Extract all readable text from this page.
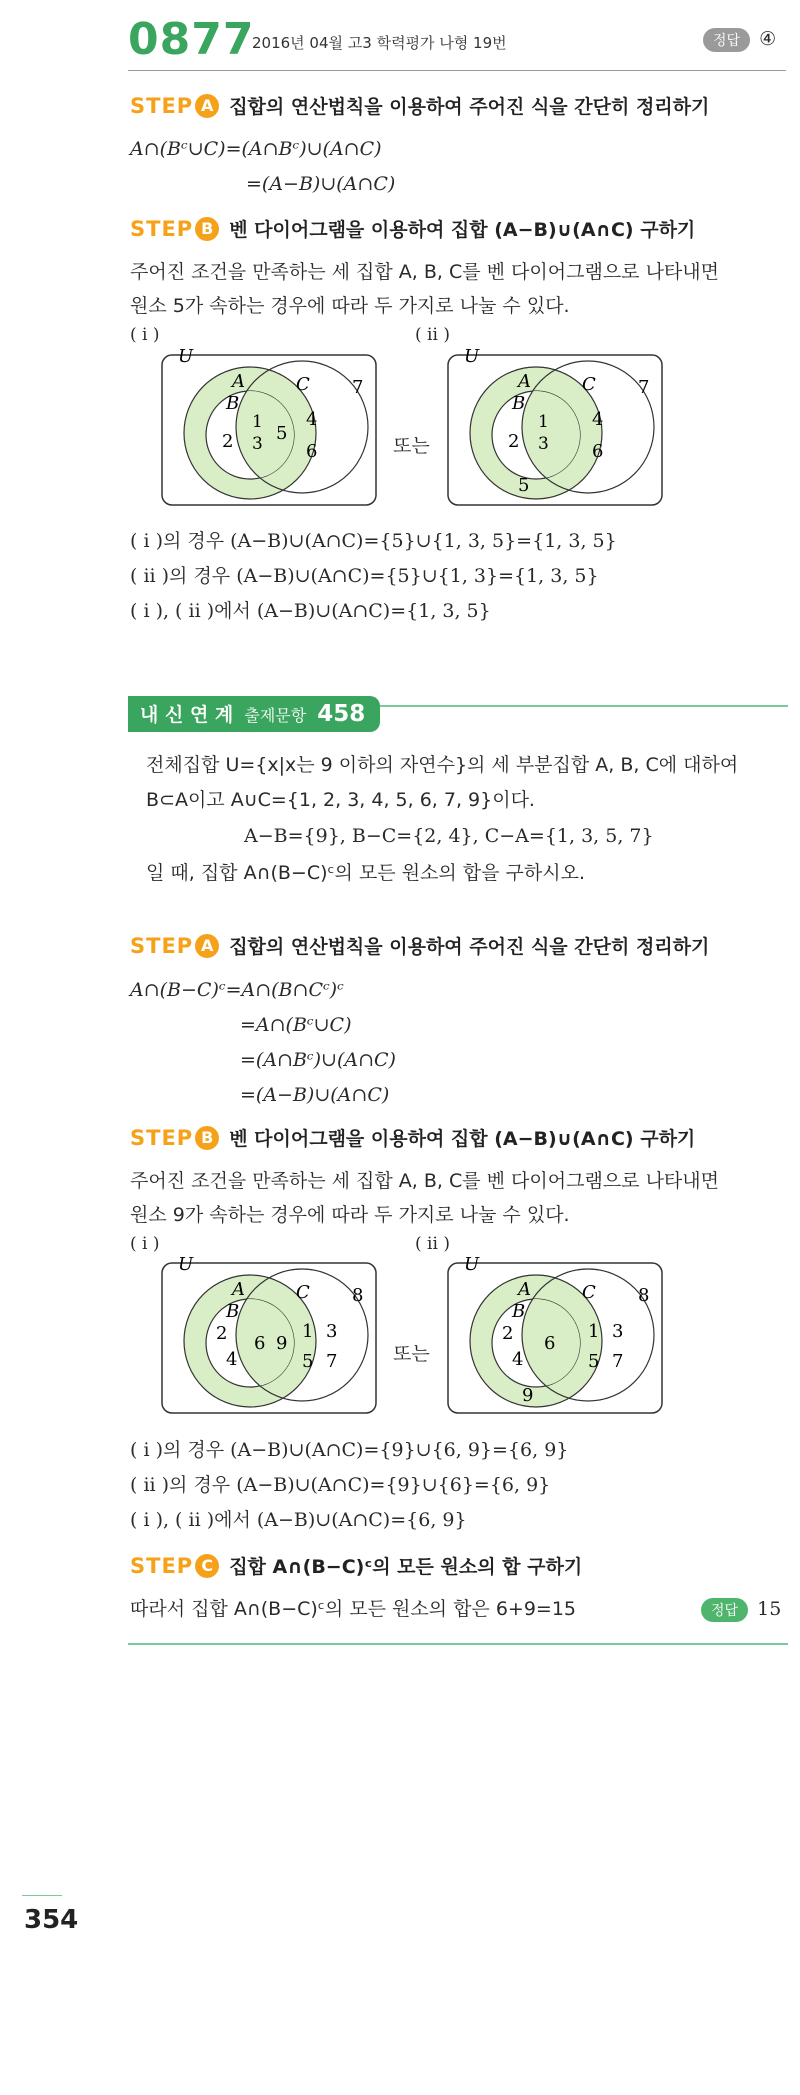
0877
2016년 04월 고3 학력평가 나형 19번	정답 ④
STEP A 집합의 연산법칙을 이용하여 주어진 식을 간단히 정리하기
A∩(Bᶜ∪C)=(A∩Bᶜ)∪(A∩C)
=(A−B)∪(A∩C)
STEP B 벤 다이어그램을 이용하여 집합 (A−B)∪(A∩C) 구하기
주어진 조건을 만족하는 세 집합 A, B, C를 벤 다이어그램으로 나타내면
원소 5가 속하는 경우에 따라 두 가지로 나눌 수 있다.
( i )	( ii )
U
A
B
C 7
2
1
3 5
4
6	또는
U
A
B
C 7
2
1
3
5
4
6
( i )의 경우 (A−B)∪(A∩C)={5}∪{1, 3, 5}={1, 3, 5}
( ii )의 경우 (A−B)∪(A∩C)={5}∪{1, 3}={1, 3, 5}
( i ), ( ii )에서 (A−B)∪(A∩C)={1, 3, 5}
내 신 연 계 출제문항 458
전체집합 U={x|x는 9 이하의 자연수}의 세 부분집합 A, B, C에 대하여
B⊂A이고 A∪C={1, 2, 3, 4, 5, 6, 7, 9}이다.
A−B={9}, B−C={2, 4}, C−A={1, 3, 5, 7}
일 때, 집합 A∩(B−C)ᶜ의 모든 원소의 합을 구하시오.
STEP A 집합의 연산법칙을 이용하여 주어진 식을 간단히 정리하기
A∩(B−C)ᶜ=A∩(B∩Cᶜ)ᶜ
=A∩(Bᶜ∪C)
=(A∩Bᶜ)∪(A∩C)
=(A−B)∪(A∩C)
STEP B 벤 다이어그램을 이용하여 집합 (A−B)∪(A∩C) 구하기
주어진 조건을 만족하는 세 집합 A, B, C를 벤 다이어그램으로 나타내면
원소 9가 속하는 경우에 따라 두 가지로 나눌 수 있다.
( i )	( ii )
U
A
B
C 8
2
4
6 9
1 3
5 7	또는
U
A
B
C 8
2
4
6
9
1 3
5 7
( i )의 경우 (A−B)∪(A∩C)={9}∪{6, 9}={6, 9}
( ii )의 경우 (A−B)∪(A∩C)={9}∪{6}={6, 9}
( i ), ( ii )에서 (A−B)∪(A∩C)={6, 9}
STEP C 집합 A∩(B−C)ᶜ의 모든 원소의 합 구하기
따라서 집합 A∩(B−C)ᶜ의 모든 원소의 합은 6+9=15	정답 15
354
